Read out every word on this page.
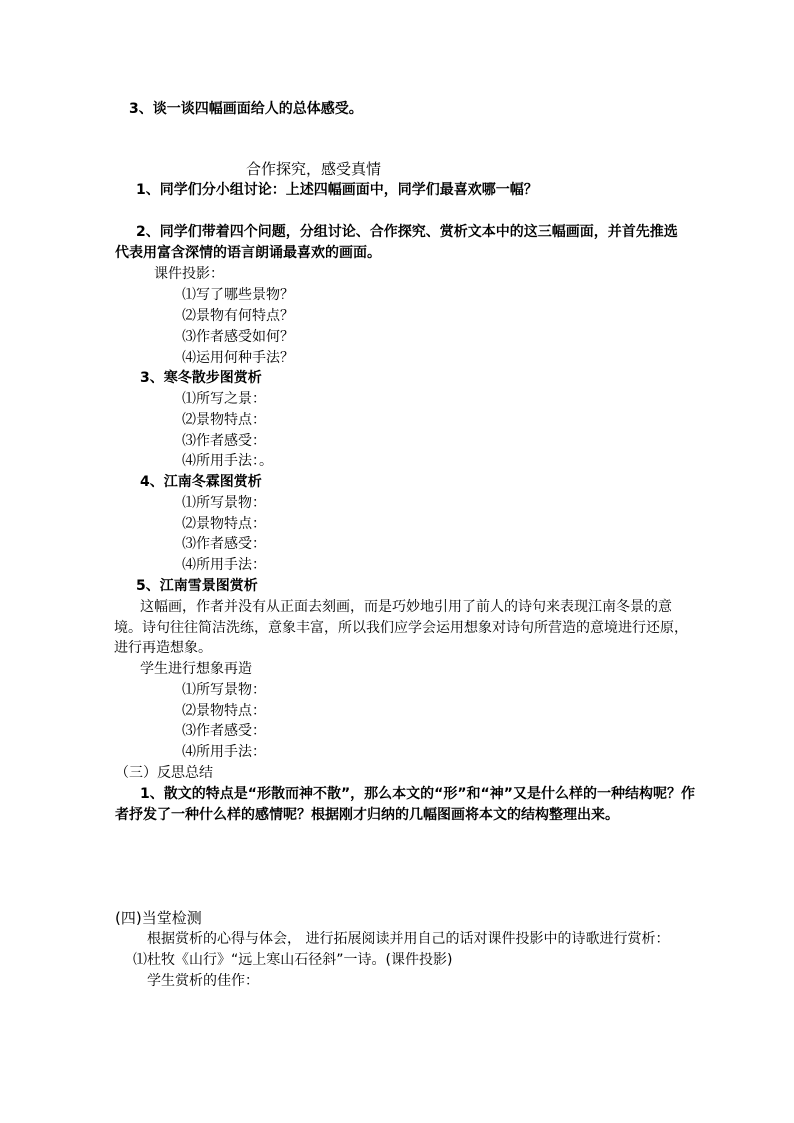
3、谈一谈四幅画面给人的总体感受。
合作探究，感受真情
1、同学们分小组讨论：上述四幅画面中，同学们最喜欢哪一幅？
2、同学们带着四个问题，分组讨论、合作探究、赏析文本中的这三幅画面，并首先推选
代表用富含深情的语言朗诵最喜欢的画面。
课件投影：
⑴写了哪些景物？
⑵景物有何特点？
⑶作者感受如何？
⑷运用何种手法？
3、寒冬散步图赏析
⑴所写之景：
⑵景物特点：
⑶作者感受：
⑷所用手法：。
4、江南冬霖图赏析
⑴所写景物：
⑵景物特点：
⑶作者感受：
⑷所用手法：
5、江南雪景图赏析
这幅画，作者并没有从正面去刻画，而是巧妙地引用了前人的诗句来表现江南冬景的意
境。诗句往往简洁洗练，意象丰富，所以我们应学会运用想象对诗句所营造的意境进行还原，
进行再造想象。
学生进行想象再造
⑴所写景物：
⑵景物特点：
⑶作者感受：
⑷所用手法：
（三）反思总结
1、散文的特点是“形散而神不散”，那么本文的“形”和“神”又是什么样的一种结构呢？作
者抒发了一种什么样的感情呢？根据刚才归纳的几幅图画将本文的结构整理出来。
(四)当堂检测
根据赏析的心得与体会， 进行拓展阅读并用自己的话对课件投影中的诗歌进行赏析：
⑴杜牧《山行》“远上寒山石径斜”一诗。(课件投影)
学生赏析的佳作：
